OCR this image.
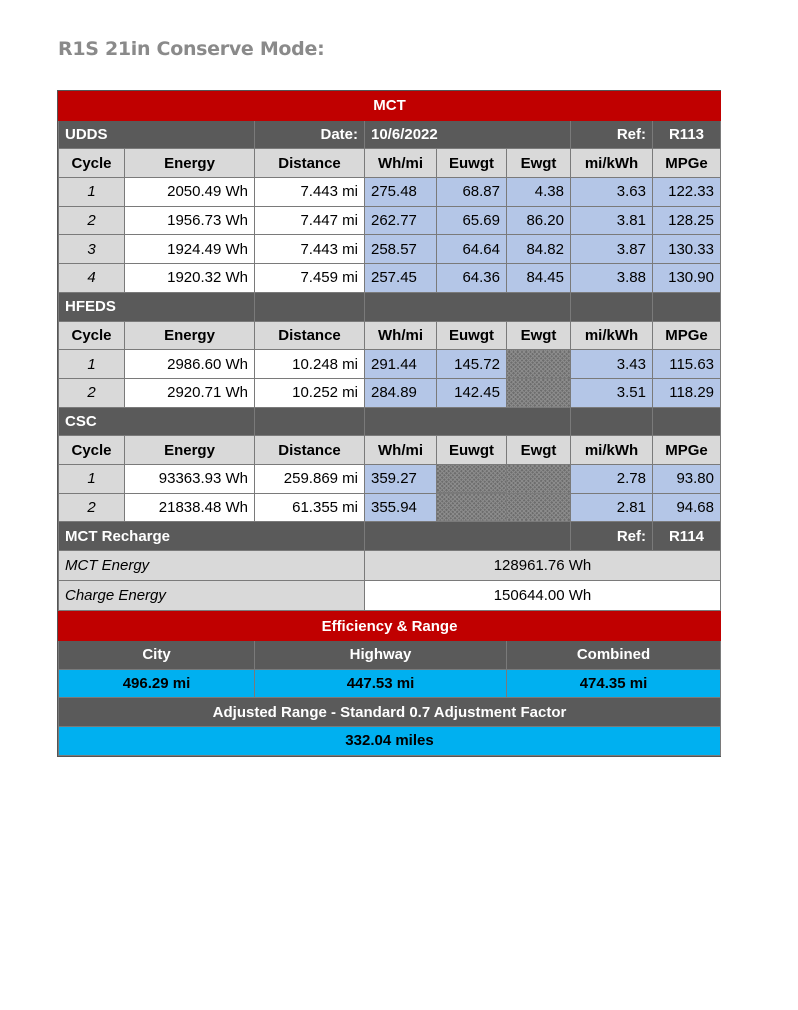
R1S 21in Conserve Mode:
MCT							
UDDS		Date:	10/6/2022			Ref:	R113
Cycle	Energy	Distance	Wh/mi	Euwgt	Ewgt	mi/kWh	MPGe
1	2050.49 Wh	7.443 mi	275.48	68.87	4.38	3.63	122.33
2	1956.73 Wh	7.447 mi	262.77	65.69	86.20	3.81	128.25
3	1924.49 Wh	7.443 mi	258.57	64.64	84.82	3.87	130.33
4	1920.32 Wh	7.459 mi	257.45	64.36	84.45	3.88	130.90
HFEDS							
Cycle	Energy	Distance	Wh/mi	Euwgt	Ewgt	mi/kWh	MPGe
1	2986.60 Wh	10.248 mi	291.44	145.72		3.43	115.63
2	2920.71 Wh	10.252 mi	284.89	142.45		3.51	118.29
CSC							
Cycle	Energy	Distance	Wh/mi	Euwgt	Ewgt	mi/kWh	MPGe
1	93363.93 Wh	259.869 mi	359.27			2.78	93.80
2	21838.48 Wh	61.355 mi	355.94			2.81	94.68
MCT Recharge						Ref:	R114
MCT Energy			128961.76 Wh				
Charge Energy			150644.00 Wh				
Efficiency & Range		
City	Highway	Combined
496.29 mi	447.53 mi	474.35 mi
Adjusted Range - Standard 0.7 Adjustment Factor		
332.04 miles		
